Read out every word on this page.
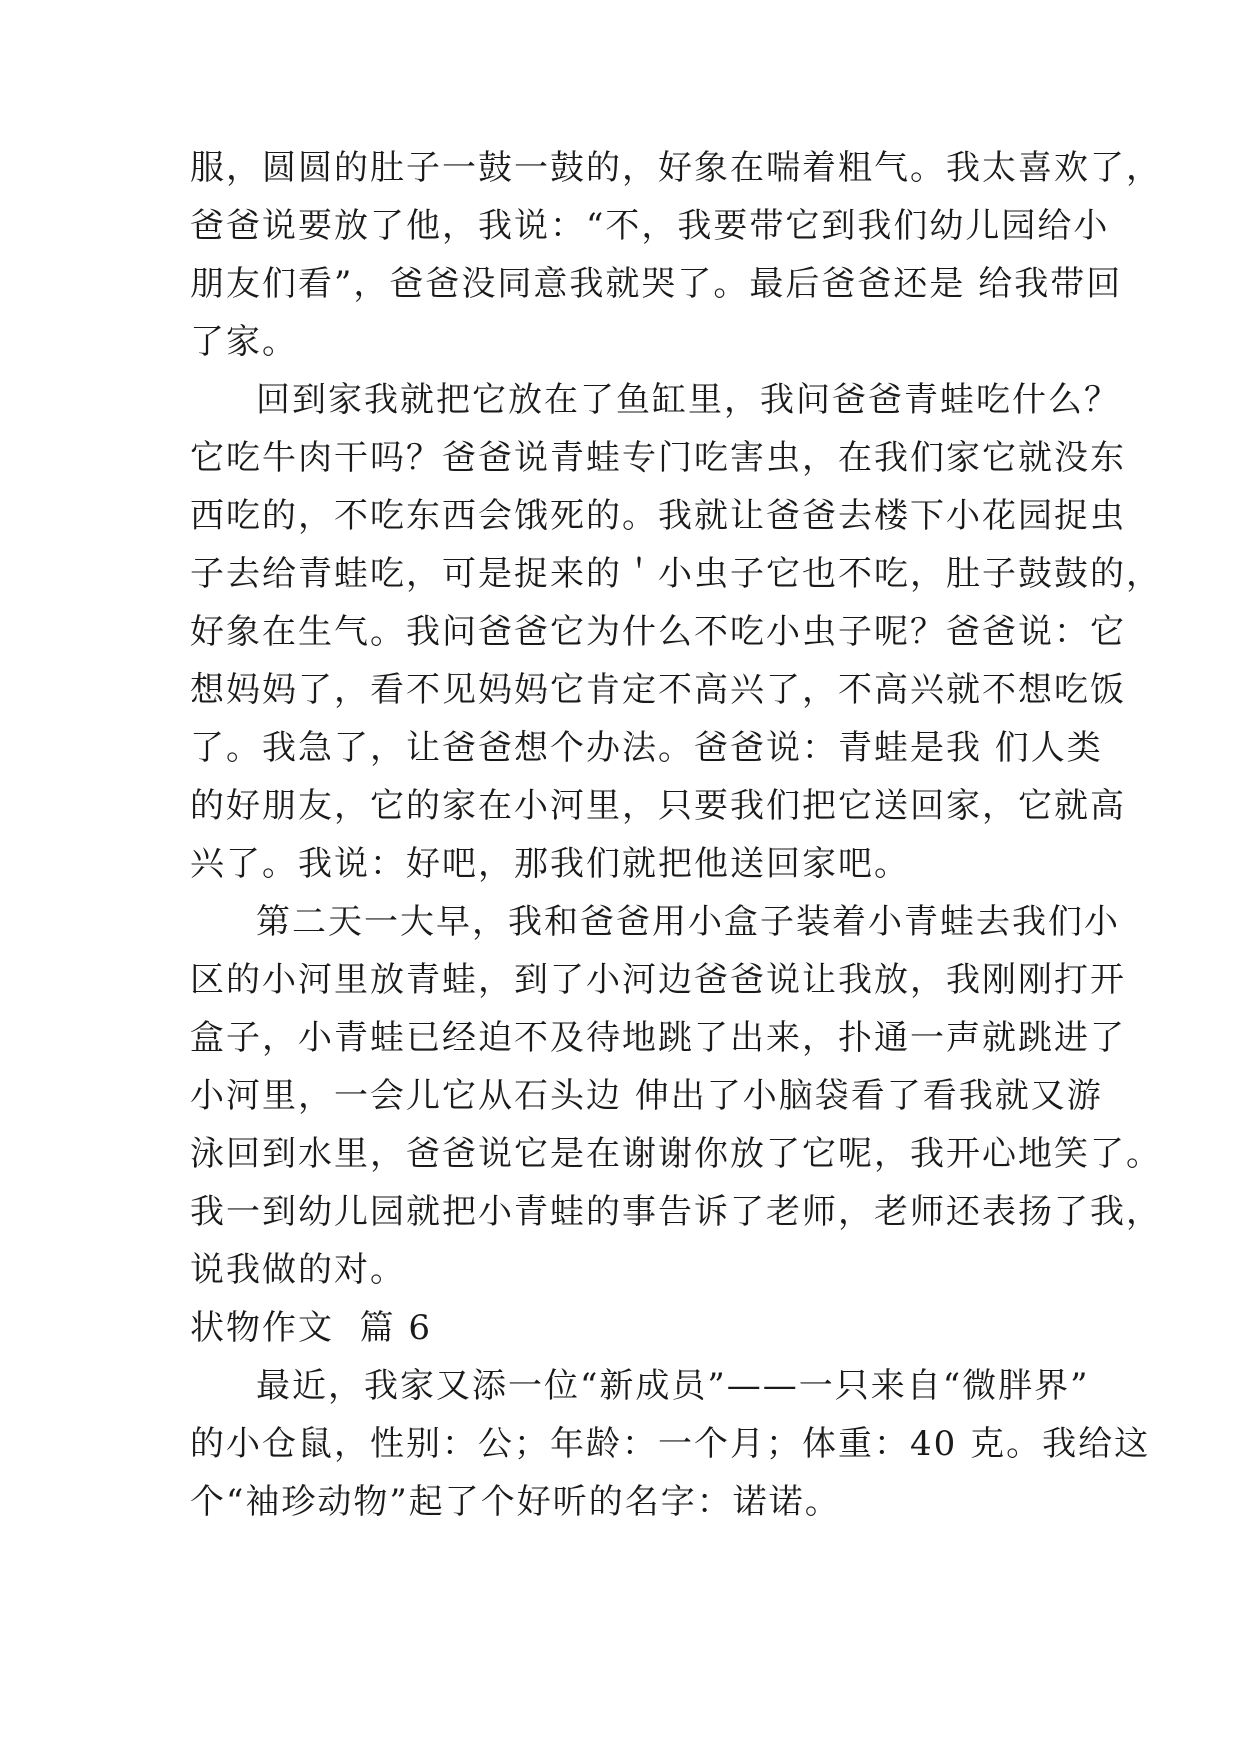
服，圆圆的肚子一鼓一鼓的，好象在喘着粗气。我太喜欢了，
爸爸说要放了他，我说：“不，我要带它到我们幼儿园给小
朋友们看”，爸爸没同意我就哭了。最后爸爸还是 给我带回
了家。
回到家我就把它放在了鱼缸里，我问爸爸青蛙吃什么？
它吃牛肉干吗？爸爸说青蛙专门吃害虫，在我们家它就没东
西吃的，不吃东西会饿死的。我就让爸爸去楼下小花园捉虫
子去给青蛙吃，可是捉来的＇小虫子它也不吃，肚子鼓鼓的，
好象在生气。我问爸爸它为什么不吃小虫子呢？爸爸说：它
想妈妈了，看不见妈妈它肯定不高兴了，不高兴就不想吃饭
了。我急了，让爸爸想个办法。爸爸说：青蛙是我 们人类
的好朋友，它的家在小河里，只要我们把它送回家，它就高
兴了。我说：好吧，那我们就把他送回家吧。
第二天一大早，我和爸爸用小盒子装着小青蛙去我们小
区的小河里放青蛙，到了小河边爸爸说让我放，我刚刚打开
盒子，小青蛙已经迫不及待地跳了出来，扑通一声就跳进了
小河里，一会儿它从石头边 伸出了小脑袋看了看我就又游
泳回到水里，爸爸说它是在谢谢你放了它呢，我开心地笑了。
我一到幼儿园就把小青蛙的事告诉了老师，老师还表扬了我，
说我做的对。
状物作文  篇 6
最近，我家又添一位“新成员”——一只来自“微胖界”
的小仓鼠，性别：公；年龄：一个月；体重：40 克。我给这
个“袖珍动物”起了个好听的名字：诺诺。
